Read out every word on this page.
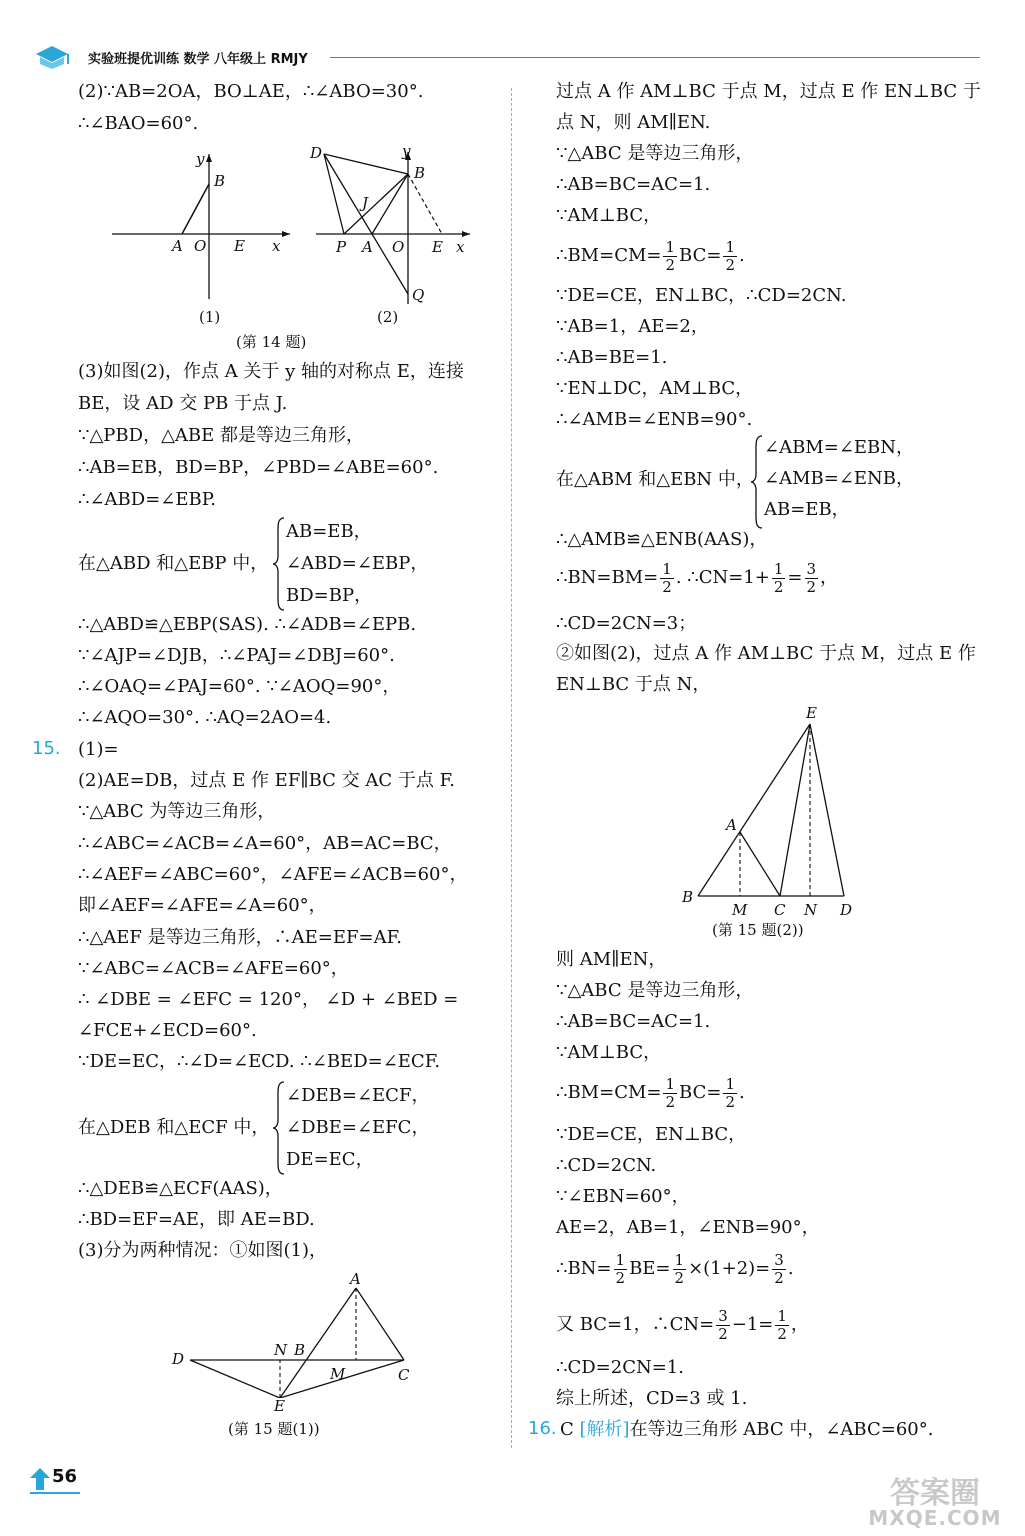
实验班提优训练 数学 八年级上 RMJY
(2)∵AB=2OA，BO⊥AE，∴∠ABO=30°.
∴∠BAO=60°.
y
B
A O E x
(1)
D	y
B
J
P A O E x
Q
(2)
(第 14 题)
(3)如图(2)，作点 A 关于 y 轴的对称点 E，连接
BE，设 AD 交 PB 于点 J.
∵△PBD，△ABE 都是等边三角形，
∴AB=EB，BD=BP，∠PBD=∠ABE=60°.
∴∠ABD=∠EBP.
在△ABD 和△EBP 中，
AB=EB，
∠ABD=∠EBP，
BD=BP，
∴△ABD≌△EBP(SAS). ∴∠ADB=∠EPB.
∵∠AJP=∠DJB，∴∠PAJ=∠DBJ=60°.
∴∠OAQ=∠PAJ=60°. ∵∠AOQ=90°，
∴∠AQO=30°. ∴AQ=2AO=4.
15. (1)=
(2)AE=DB，过点 E 作 EF∥BC 交 AC 于点 F.
∵△ABC 为等边三角形，
∴∠ABC=∠ACB=∠A=60°，AB=AC=BC，
∴∠AEF=∠ABC=60°，∠AFE=∠ACB=60°，
即∠AEF=∠AFE=∠A=60°，
∴△AEF 是等边三角形，∴AE=EF=AF.
∵∠ABC=∠ACB=∠AFE=60°，
∴ ∠DBE = ∠EFC = 120°， ∠D + ∠BED =
∠FCE+∠ECD=60°.
∵DE=EC，∴∠D=∠ECD. ∴∠BED=∠ECF.
在△DEB 和△ECF 中，
∠DEB=∠ECF，
∠DBE=∠EFC，
DE=EC，
∴△DEB≌△ECF(AAS)，
∴BD=EF=AE，即 AE=BD.
(3)分为两种情况：①如图(1)，
A
D	N B
M	C
E
(第 15 题(1))
过点 A 作 AM⊥BC 于点 M，过点 E 作 EN⊥BC 于
点 N，则 AM∥EN.
∵△ABC 是等边三角形，
∴AB=BC=AC=1.
∵AM⊥BC，
∴BM=CM= $\frac{1}{2} BC= \frac{1}{2}$ .
∵DE=CE，EN⊥BC，∴CD=2CN.
∵AB=1，AE=2，
∴AB=BE=1.
∵EN⊥DC，AM⊥BC，
∴∠AMB=∠ENB=90°.
在△ABM 和△EBN 中，
∠ABM=∠EBN，
∠AMB=∠ENB，
AB=EB，
∴△AMB≌△ENB(AAS)，
∴BN=BM= $\frac{1}{2}$ . ∴CN=1+ $\frac{1}{2} = \frac{3}{2}$ ，
∴CD=2CN=3；
②如图(2)，过点 A 作 AM⊥BC 于点 M，过点 E 作
EN⊥BC 于点 N，
E
A
B
M C N D
(第 15 题(2))
则 AM∥EN，
∵△ABC 是等边三角形，
∴AB=BC=AC=1.
∵AM⊥BC，
∴BM=CM= $\frac{1}{2} BC= \frac{1}{2}$ .
∵DE=CE，EN⊥BC，
∴CD=2CN.
∵∠EBN=60°，
AE=2，AB=1，∠ENB=90°，
∴BN= $\frac{1}{2} BE= \frac{1}{2} \times(1+2)= \frac{3}{2}$ .
又 BC=1，∴CN= $\frac{3}{2} -1= \frac{1}{2}$ ，
∴CD=2CN=1.
综上所述，CD=3 或 1.
16. C [解析]在等边三角形 ABC 中，∠ABC=60°.
56	答案圈
MXQE.COM
